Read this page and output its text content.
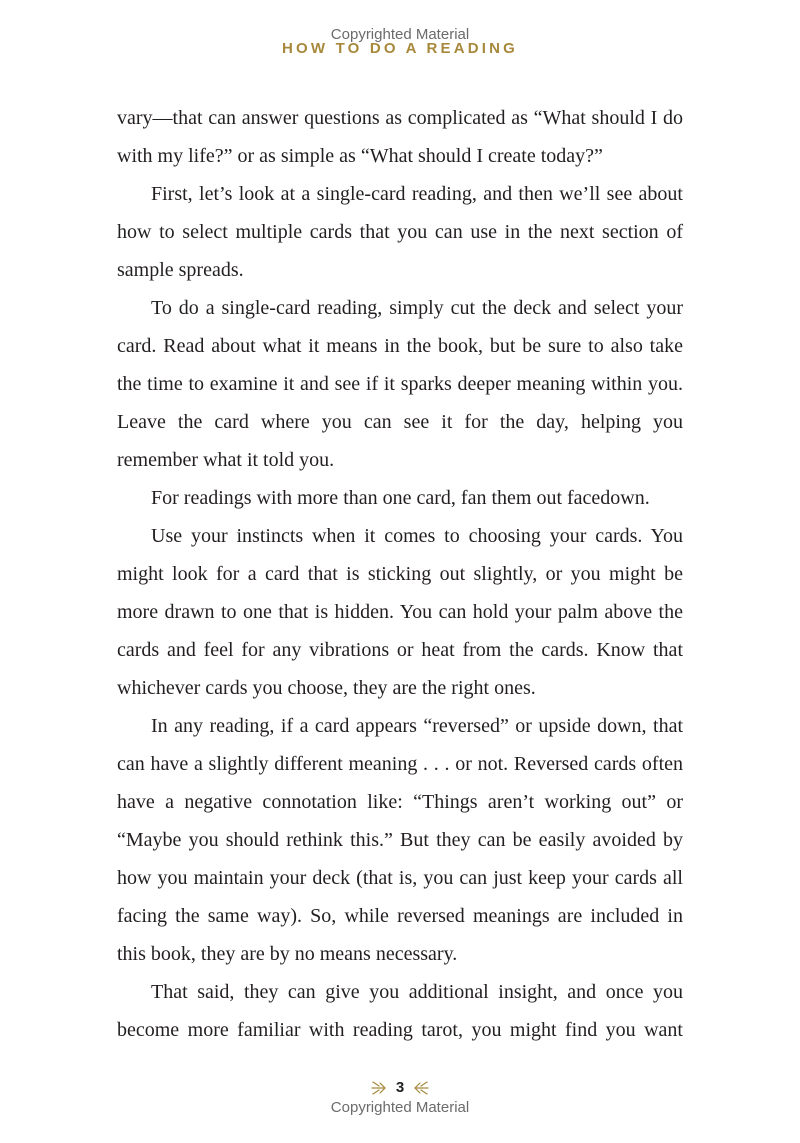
Copyrighted Material
HOW TO DO A READING

vary—that can answer questions as complicated as “What should I do with my life?” or as simple as “What should I create today?”

First, let’s look at a single-card reading, and then we’ll see about how to select multiple cards that you can use in the next section of sample spreads.

To do a single-card reading, simply cut the deck and select your card. Read about what it means in the book, but be sure to also take the time to examine it and see if it sparks deeper meaning within you. Leave the card where you can see it for the day, helping you remember what it told you.

For readings with more than one card, fan them out facedown.

Use your instincts when it comes to choosing your cards. You might look for a card that is sticking out slightly, or you might be more drawn to one that is hidden. You can hold your palm above the cards and feel for any vibrations or heat from the cards. Know that whichever cards you choose, they are the right ones.

In any reading, if a card appears “reversed” or upside down, that can have a slightly different meaning . . . or not. Reversed cards often have a negative connotation like: “Things aren’t working out” or “Maybe you should rethink this.” But they can be easily avoided by how you maintain your deck (that is, you can just keep your cards all facing the same way). So, while reversed meanings are included in this book, they are by no means necessary.

That said, they can give you additional insight, and once you become more familiar with reading tarot, you might find you want

3
Copyrighted Material
